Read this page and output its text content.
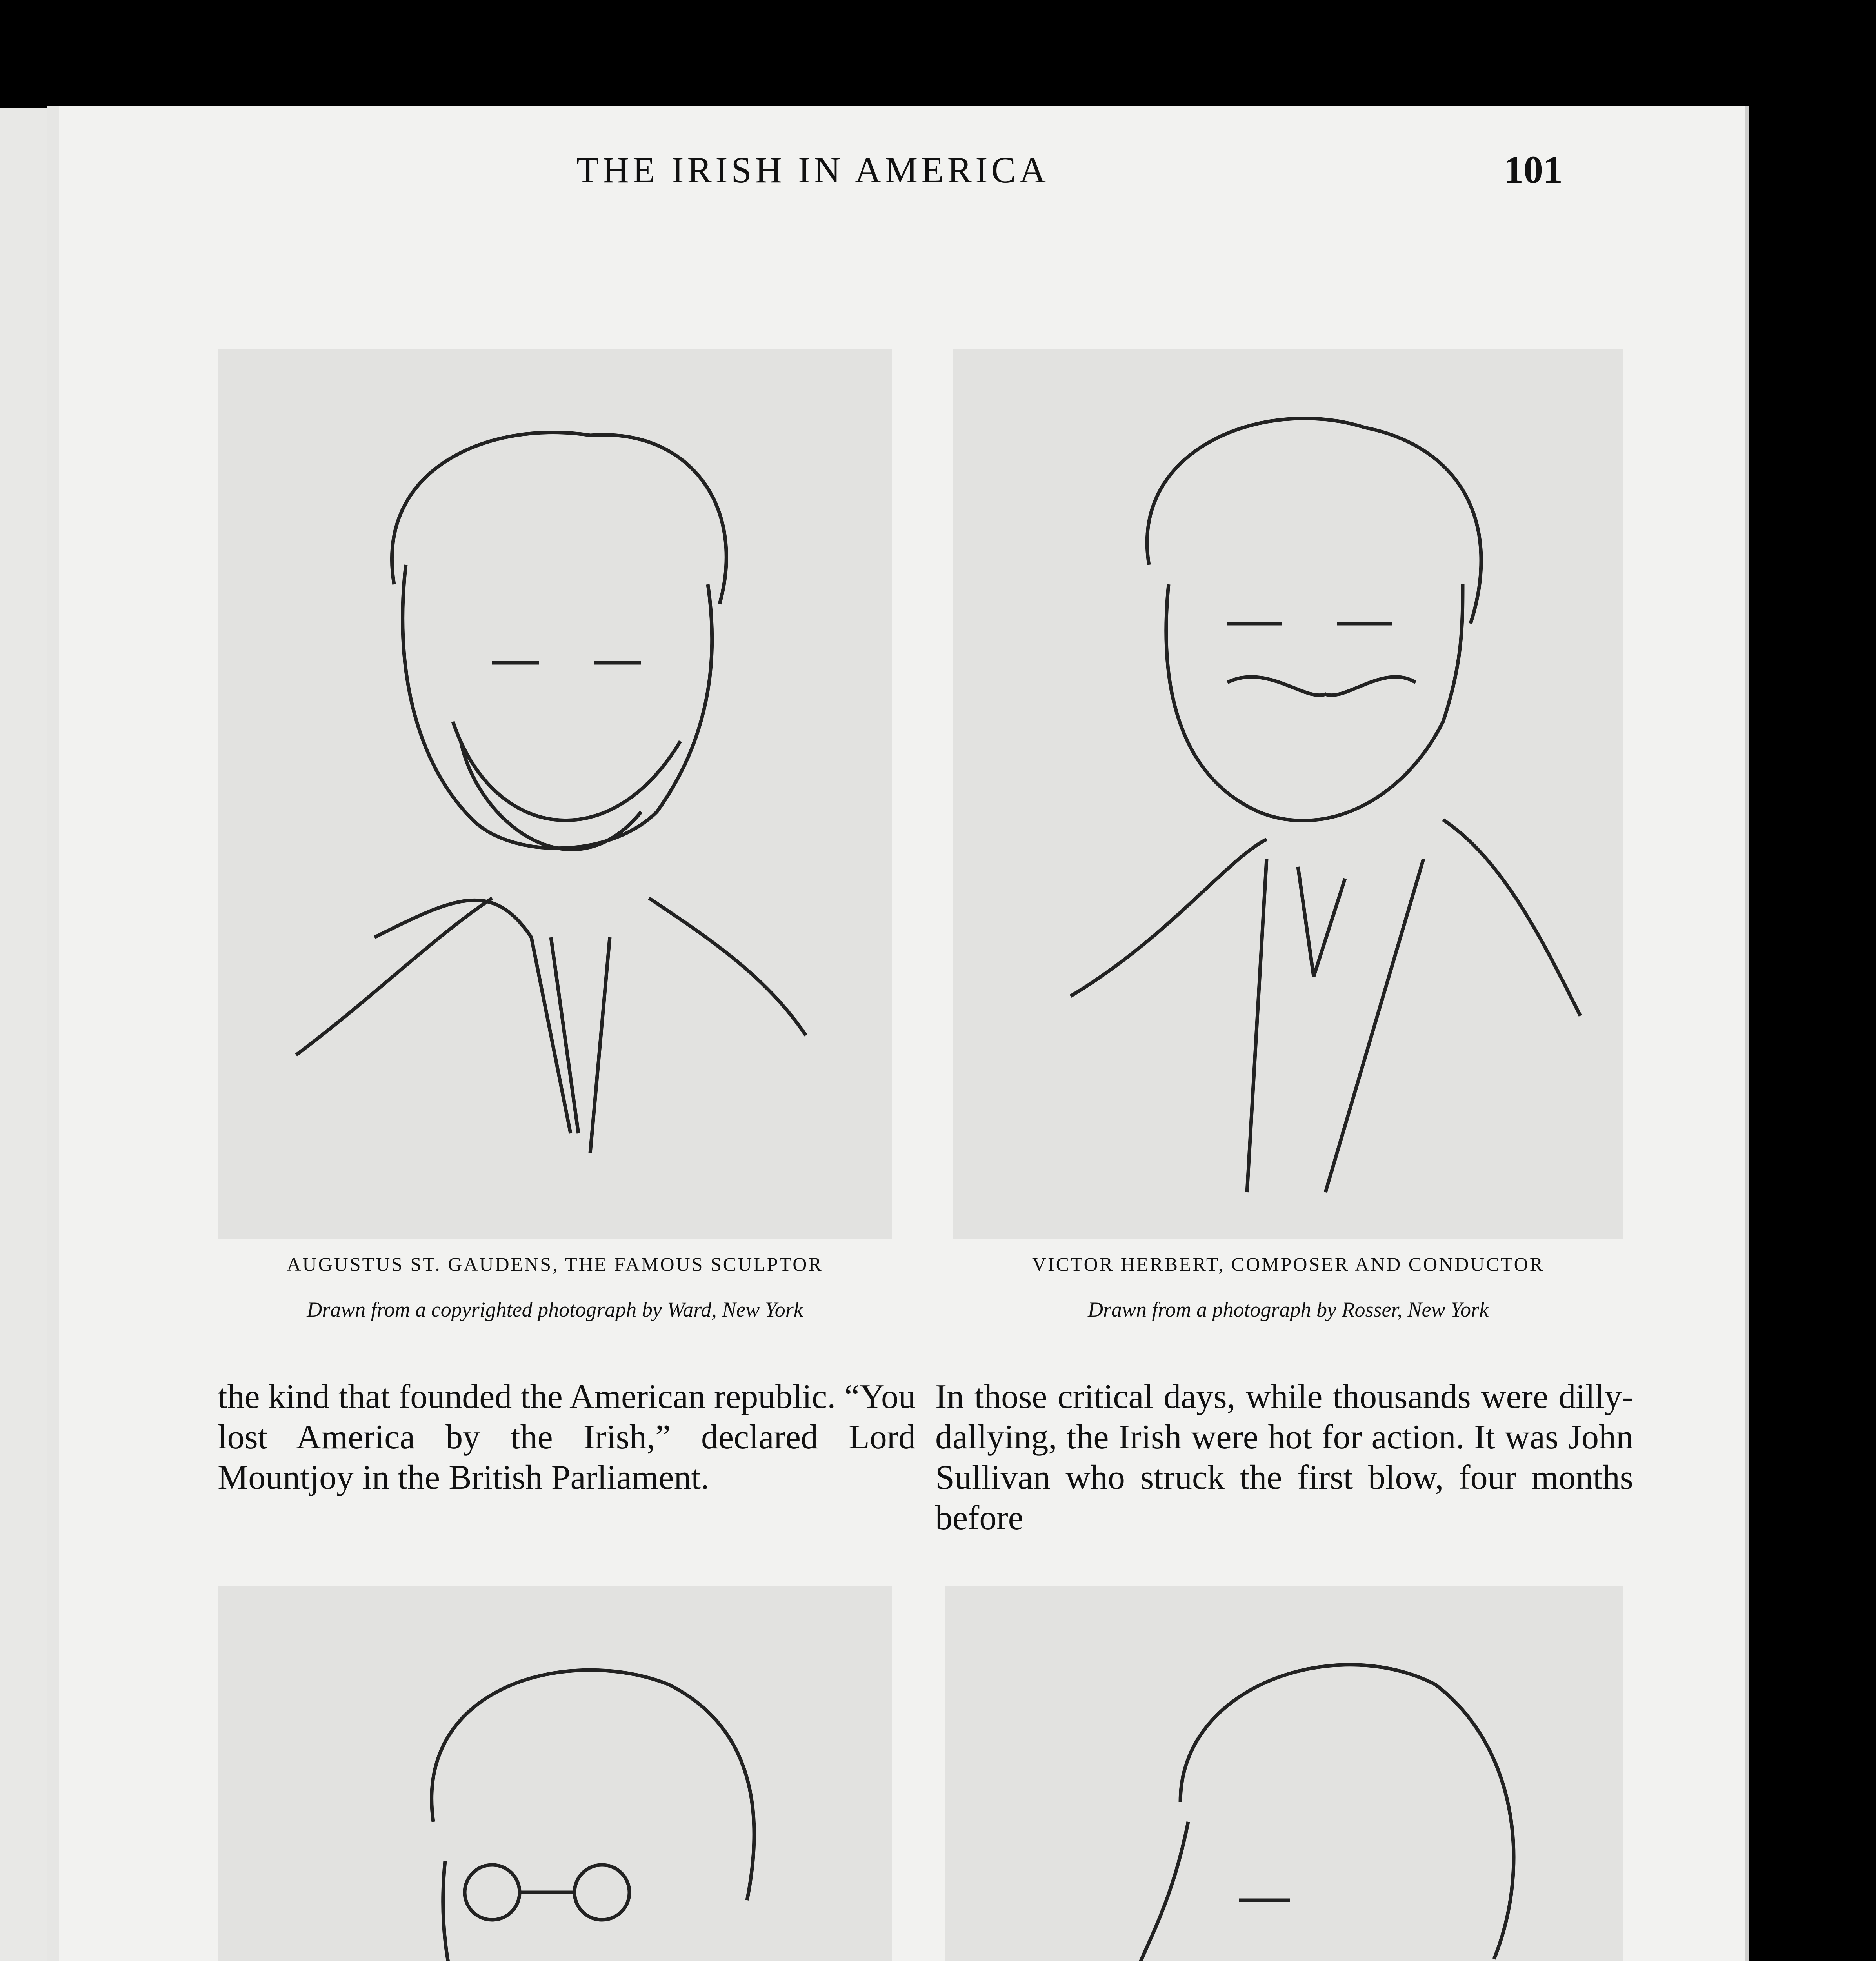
THE IRISH IN AMERICA	101
AUGUSTUS ST. GAUDENS, THE FAMOUS SCULPTOR
Drawn from a copyrighted photograph by Ward, New York
VICTOR HERBERT, COMPOSER AND CONDUCTOR
Drawn from a photograph by Rosser, New York
the kind that founded the American republic. “You lost America by the Irish,” declared Lord Mountjoy in the British Parliament.
In those critical days, while thousands were dilly-dallying, the Irish were hot for action. It was John Sullivan who struck the first blow, four months before
